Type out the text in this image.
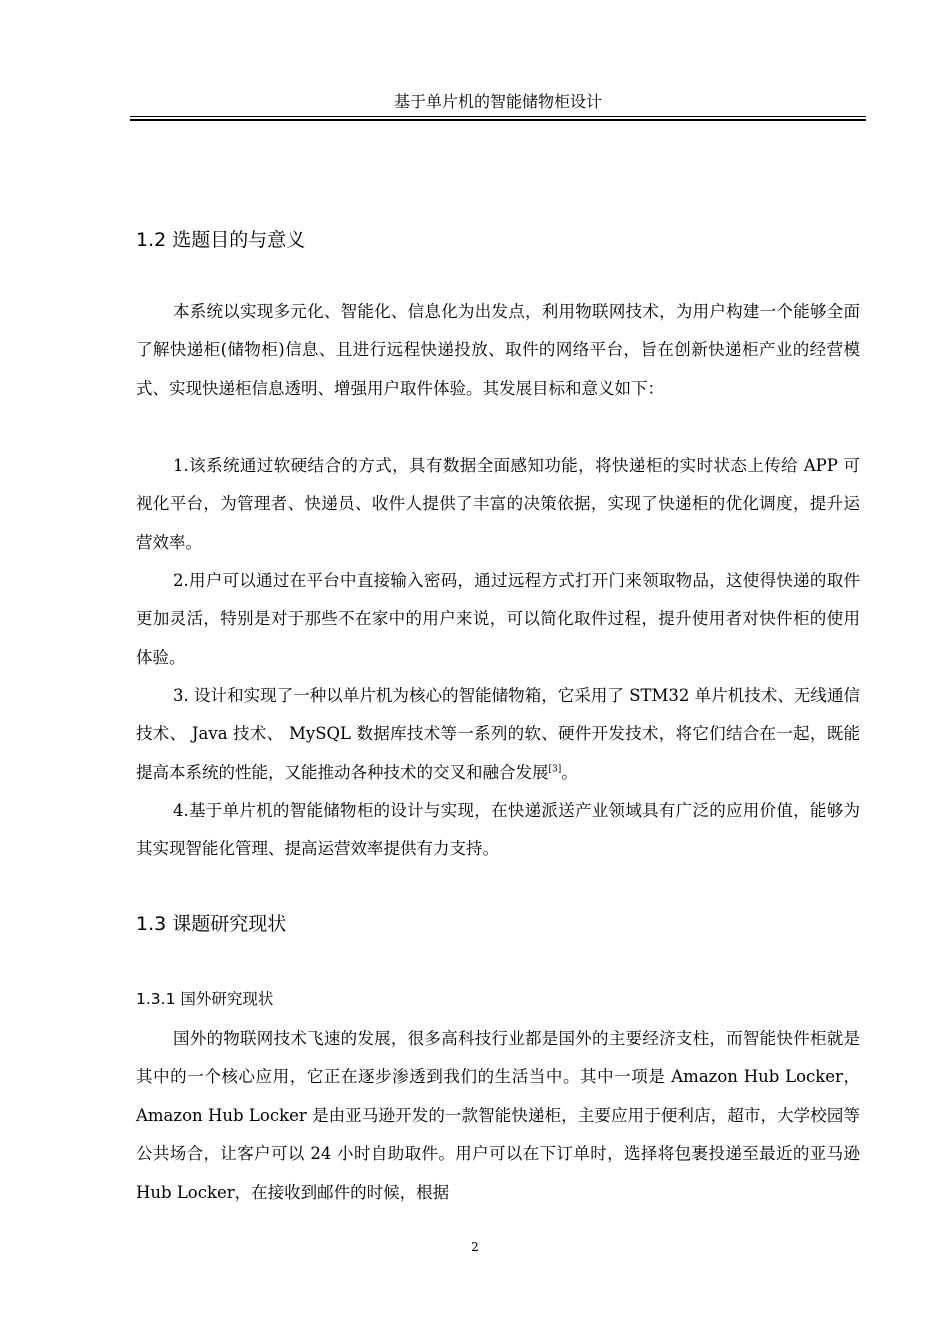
基于单片机的智能储物柜设计
1.2 选题目的与意义

本系统以实现多元化、智能化、信息化为出发点，利用物联网技术，为用户构建一个能够全面了解快递柜(储物柜)信息、且进行远程快递投放、取件的网络平台，旨在创新快递柜产业的经营模式、实现快递柜信息透明、增强用户取件体验。其发展目标和意义如下：

1.该系统通过软硬结合的方式，具有数据全面感知功能，将快递柜的实时状态上传给 APP 可视化平台，为管理者、快递员、收件人提供了丰富的决策依据，实现了快递柜的优化调度，提升运营效率。

2.用户可以通过在平台中直接输入密码，通过远程方式打开门来领取物品，这使得快递的取件更加灵活，特别是对于那些不在家中的用户来说，可以简化取件过程，提升使用者对快件柜的使用体验。

3. 设计和实现了一种以单片机为核心的智能储物箱，它采用了 STM32 单片机技术、无线通信技术、 Java 技术、 MySQL 数据库技术等一系列的软、硬件开发技术，将它们结合在一起，既能提高本系统的性能，又能推动各种技术的交叉和融合发展[3]。

4.基于单片机的智能储物柜的设计与实现，在快递派送产业领域具有广泛的应用价值，能够为其实现智能化管理、提高运营效率提供有力支持。

1.3 课题研究现状
1.3.1 国外研究现状

国外的物联网技术飞速的发展，很多高科技行业都是国外的主要经济支柱，而智能快件柜就是其中的一个核心应用，它正在逐步渗透到我们的生活当中。其中一项是 Amazon Hub Locker，Amazon Hub Locker 是由亚马逊开发的一款智能快递柜，主要应用于便利店，超市，大学校园等公共场合，让客户可以 24 小时自助取件。用户可以在下订单时，选择将包裹投递至最近的亚马逊 Hub Locker，在接收到邮件的时候，根据

2
